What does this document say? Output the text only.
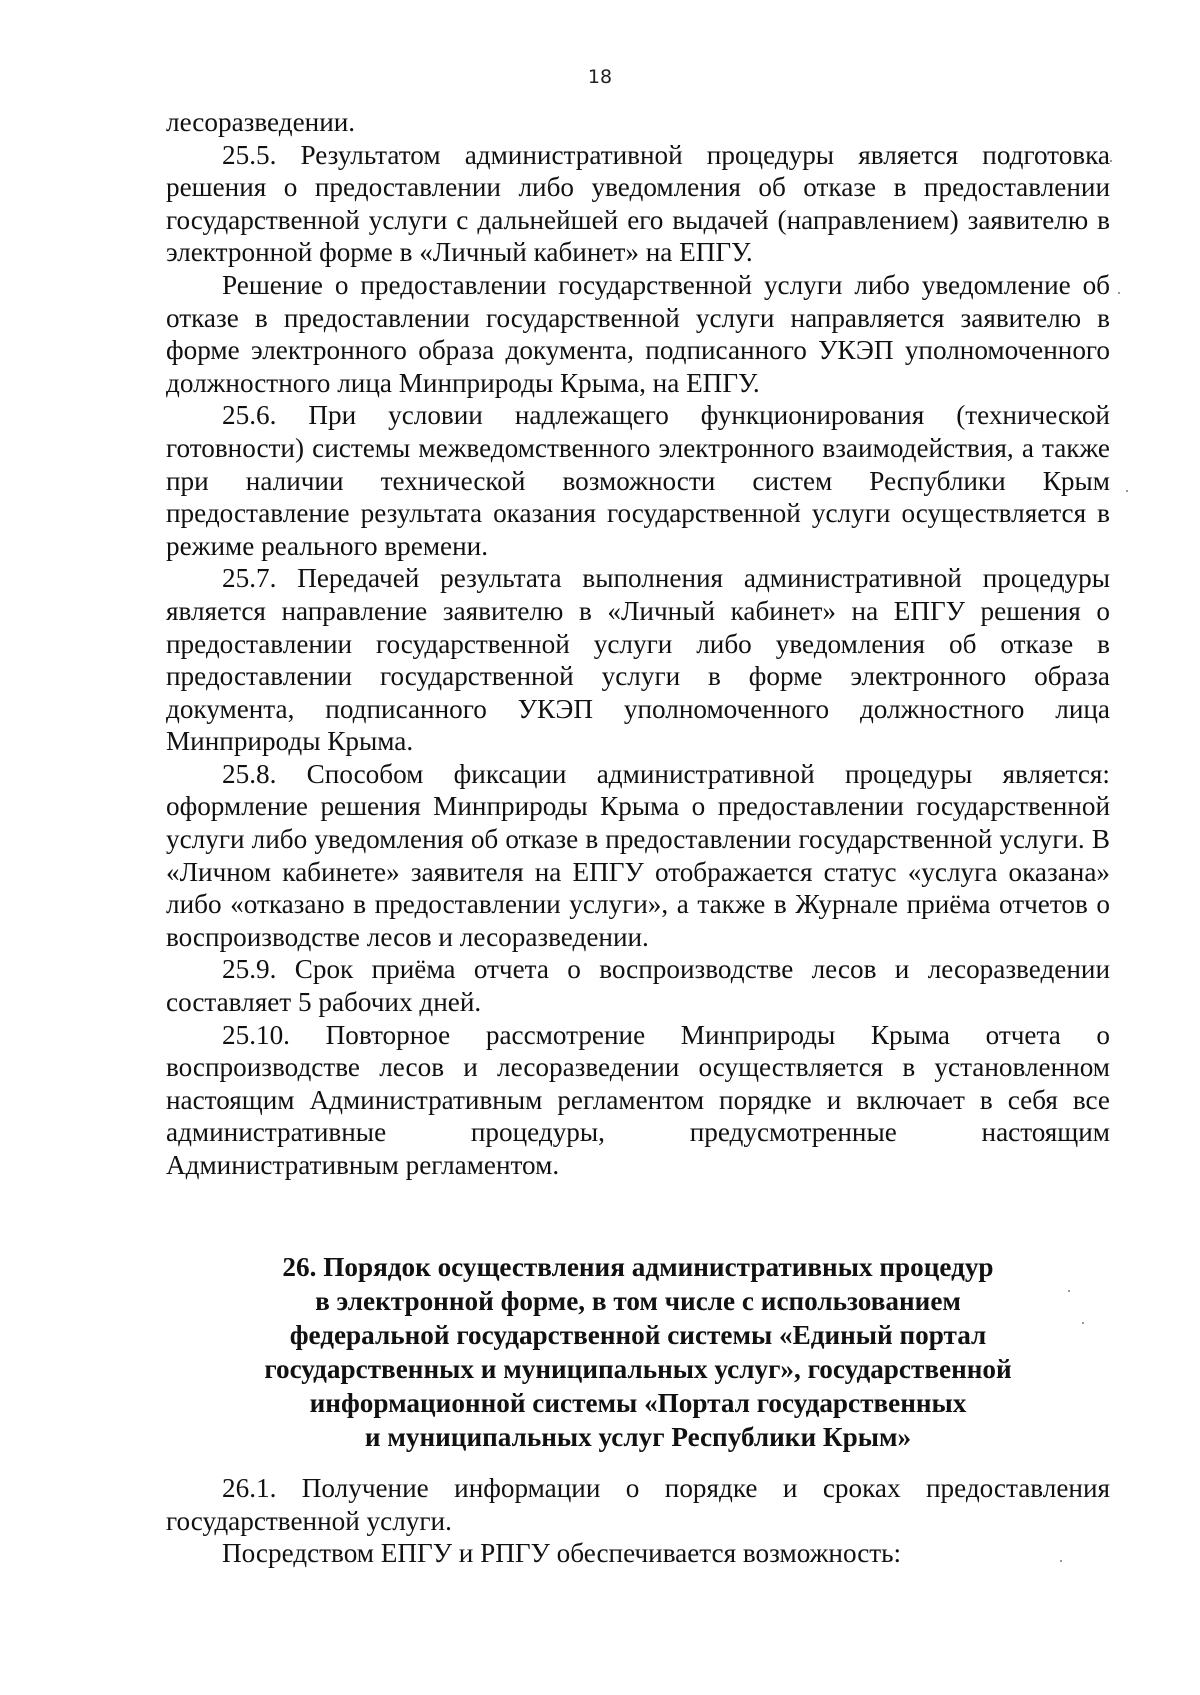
18

лесоразведении.

25.5. Результатом административной процедуры является подготовка решения о предоставлении либо уведомления об отказе в предоставлении государственной услуги с дальнейшей его выдачей (направлением) заявителю в электронной форме в «Личный кабинет» на ЕПГУ.

Решение о предоставлении государственной услуги либо уведомление об отказе в предоставлении государственной услуги направляется заявителю в форме электронного образа документа, подписанного УКЭП уполномоченного должностного лица Минприроды Крыма, на ЕПГУ.

25.6. При условии надлежащего функционирования (технической готовности) системы межведомственного электронного взаимодействия, а также при наличии технической возможности систем Республики Крым предоставление результата оказания государственной услуги осуществляется в режиме реального времени.

25.7. Передачей результата выполнения административной процедуры является направление заявителю в «Личный кабинет» на ЕПГУ решения о предоставлении государственной услуги либо уведомления об отказе в предоставлении государственной услуги в форме электронного образа документа, подписанного УКЭП уполномоченного должностного лица Минприроды Крыма.

25.8. Способом фиксации административной процедуры является: оформление решения Минприроды Крыма о предоставлении государственной услуги либо уведомления об отказе в предоставлении государственной услуги. В «Личном кабинете» заявителя на ЕПГУ отображается статус «услуга оказана» либо «отказано в предоставлении услуги», а также в Журнале приёма отчетов о воспроизводстве лесов и лесоразведении.

25.9. Срок приёма отчета о воспроизводстве лесов и лесоразведении составляет 5 рабочих дней.

25.10. Повторное рассмотрение Минприроды Крыма отчета о воспроизводстве лесов и лесоразведении осуществляется в установленном настоящим Административным регламентом порядке и включает в себя все административные процедуры, предусмотренные настоящим Административным регламентом.

26. Порядок осуществления административных процедур
в электронной форме, в том числе с использованием
федеральной государственной системы «Единый портал
государственных и муниципальных услуг», государственной
информационной системы «Портал государственных
и муниципальных услуг Республики Крым»

26.1. Получение информации о порядке и сроках предоставления государственной услуги.

Посредством ЕПГУ и РПГУ обеспечивается возможность:
